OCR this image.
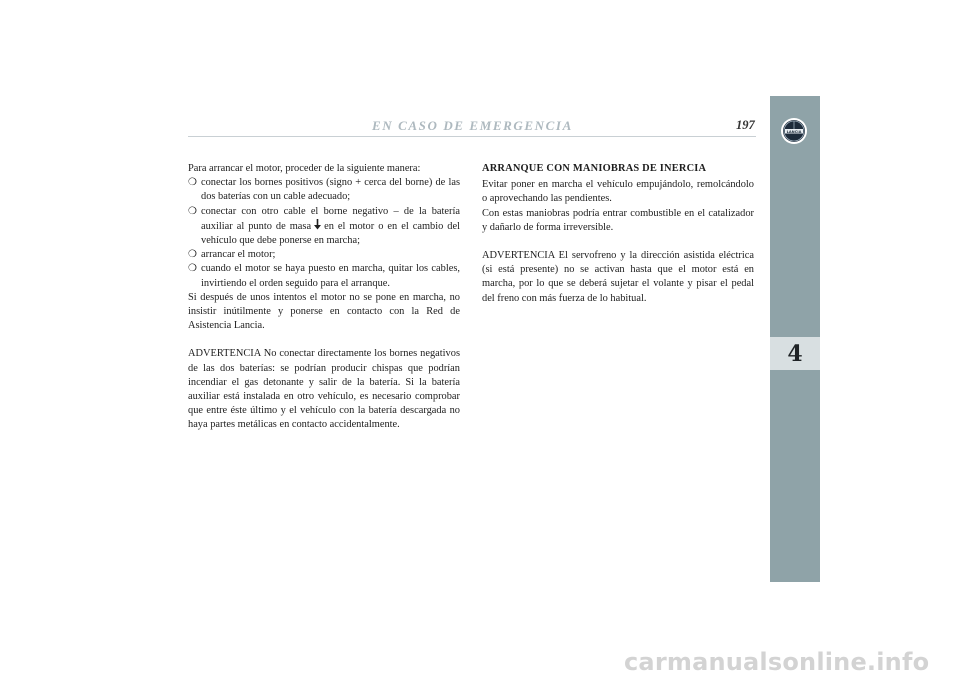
EN CASO DE EMERGENCIA	197	LANCIA
4

Para arrancar el motor, proceder de la siguiente manera:

❍ conectar los bornes positivos (signo + cerca del borne) de las dos baterías con un cable adecuado;
❍ conectar con otro cable el borne negativo – de la batería auxiliar al punto de masa en el motor o en el cambio del vehículo que debe ponerse en marcha;
❍ arrancar el motor;
❍ cuando el motor se haya puesto en marcha, quitar los cables, invirtiendo el orden seguido para el arranque.

Si después de unos intentos el motor no se pone en marcha, no insistir inútilmente y ponerse en contacto con la Red de Asistencia Lancia.

ADVERTENCIA No conectar directamente los bornes negativos de las dos baterías: se podrían producir chispas que podrían incendiar el gas detonante y salir de la batería. Si la batería auxiliar está instalada en otro vehículo, es necesario comprobar que entre éste último y el vehículo con la batería descargada no haya partes metálicas en contacto accidentalmente.

ARRANQUE CON MANIOBRAS DE INERCIA

Evitar poner en marcha el vehículo empujándolo, remolcándolo o aprovechando las pendientes.

Con estas maniobras podría entrar combustible en el catalizador y dañarlo de forma irreversible.

ADVERTENCIA El servofreno y la dirección asistida eléctrica (si está presente) no se activan hasta que el motor está en marcha, por lo que se deberá sujetar el volante y pisar el pedal del freno con más fuerza de lo habitual.

carmanualsonline.info
